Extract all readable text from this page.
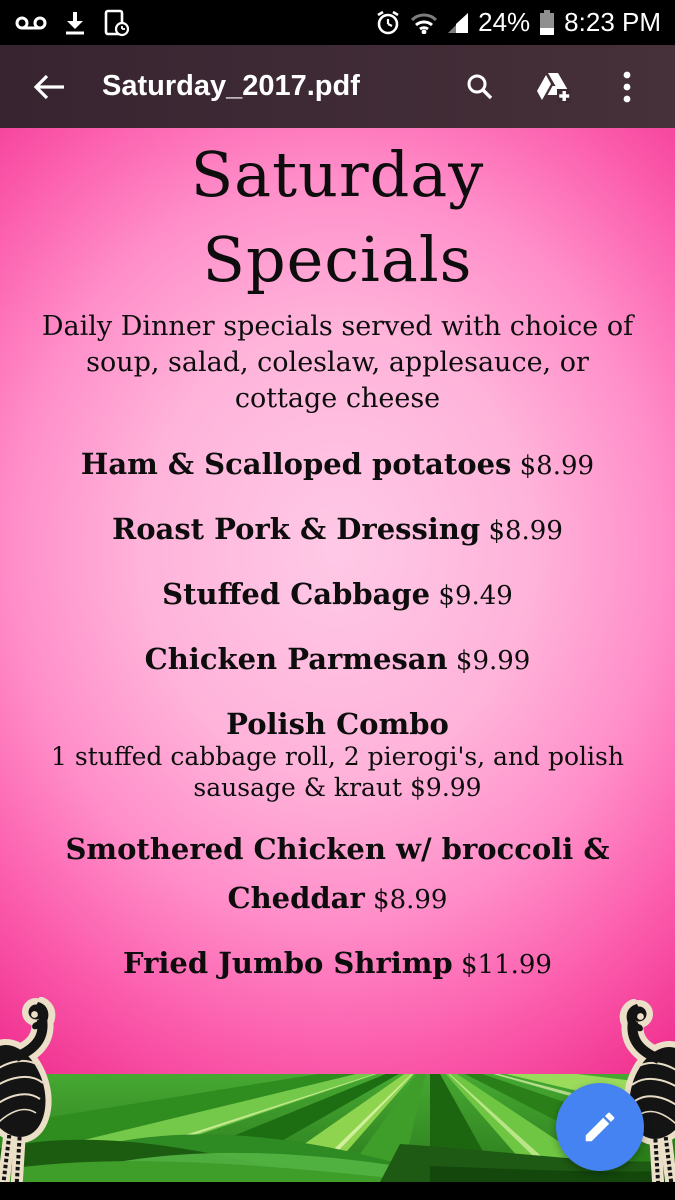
24% 8:23 PM
Saturday_2017.pdf
Saturday
Specials
Daily Dinner specials served with choice of
soup, salad, coleslaw, applesauce, or
cottage cheese
Ham & Scalloped potatoes $8.99
Roast Pork & Dressing $8.99
Stuffed Cabbage $9.49
Chicken Parmesan $9.99
Polish Combo
1 stuffed cabbage roll, 2 pierogi's, and polish
sausage & kraut $9.99
Smothered Chicken w/ broccoli &
Cheddar $8.99
Fried Jumbo Shrimp $11.99
